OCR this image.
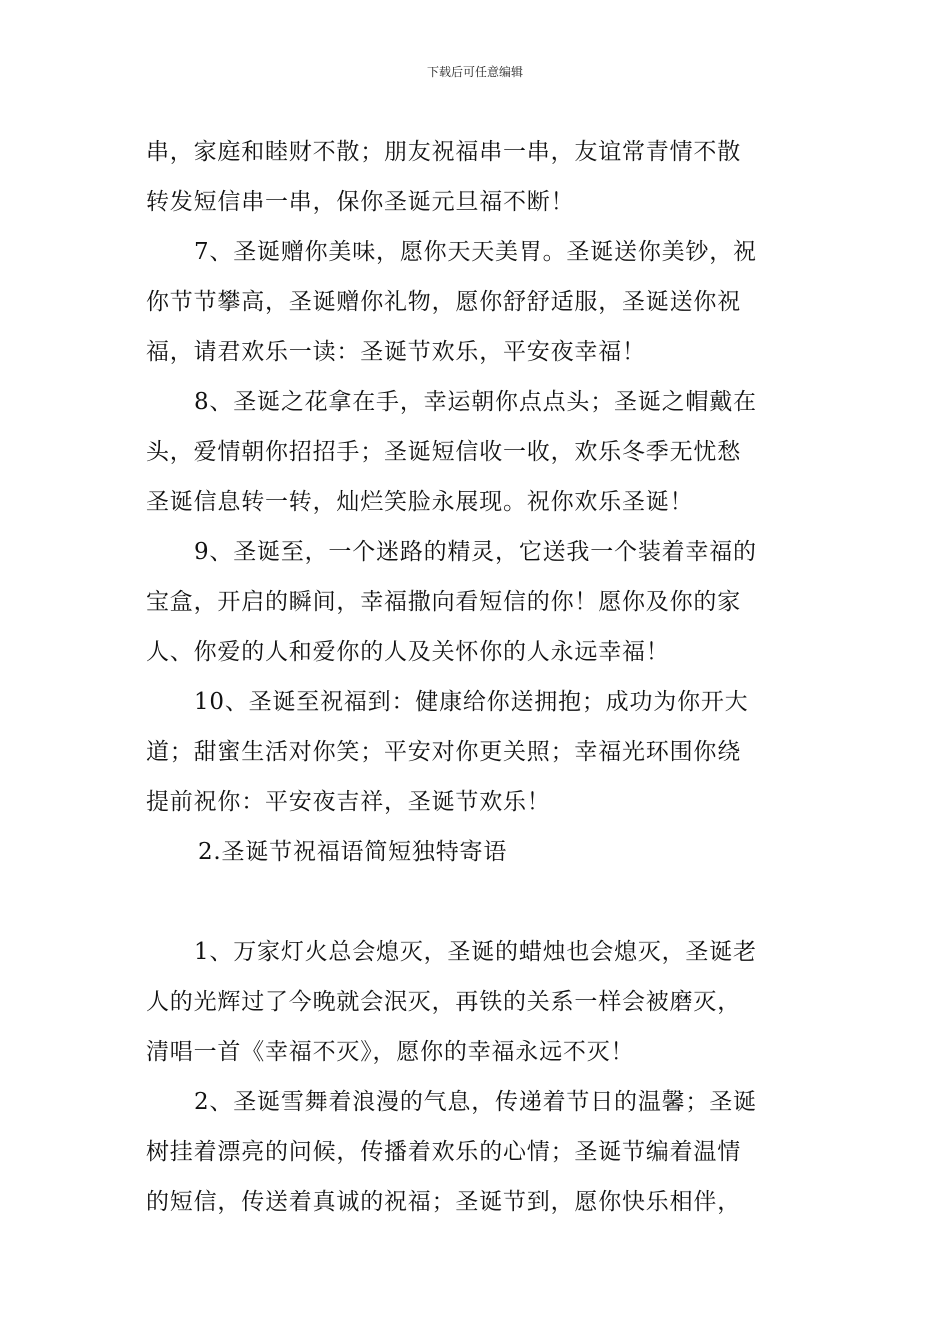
下载后可任意编辑
串，家庭和睦财不散；朋友祝福串一串，友谊常青情不散
转发短信串一串，保你圣诞元旦福不断！
7、圣诞赠你美味，愿你天天美胃。圣诞送你美钞，祝
你节节攀高，圣诞赠你礼物，愿你舒舒适服，圣诞送你祝
福，请君欢乐一读：圣诞节欢乐，平安夜幸福！
8、圣诞之花拿在手，幸运朝你点点头；圣诞之帽戴在
头，爱情朝你招招手；圣诞短信收一收，欢乐冬季无忧愁
圣诞信息转一转，灿烂笑脸永展现。祝你欢乐圣诞！
9、圣诞至，一个迷路的精灵，它送我一个装着幸福的
宝盒，开启的瞬间，幸福撒向看短信的你！愿你及你的家
人、你爱的人和爱你的人及关怀你的人永远幸福！
10、圣诞至祝福到：健康给你送拥抱；成功为你开大
道；甜蜜生活对你笑；平安对你更关照；幸福光环围你绕
提前祝你：平安夜吉祥，圣诞节欢乐！
2.圣诞节祝福语简短独特寄语
1、万家灯火总会熄灭，圣诞的蜡烛也会熄灭，圣诞老
人的光辉过了今晚就会泯灭，再铁的关系一样会被磨灭，
清唱一首《幸福不灭》，愿你的幸福永远不灭！
2、圣诞雪舞着浪漫的气息，传递着节日的温馨；圣诞
树挂着漂亮的问候，传播着欢乐的心情；圣诞节编着温情
的短信，传送着真诚的祝福；圣诞节到，愿你快乐相伴，
